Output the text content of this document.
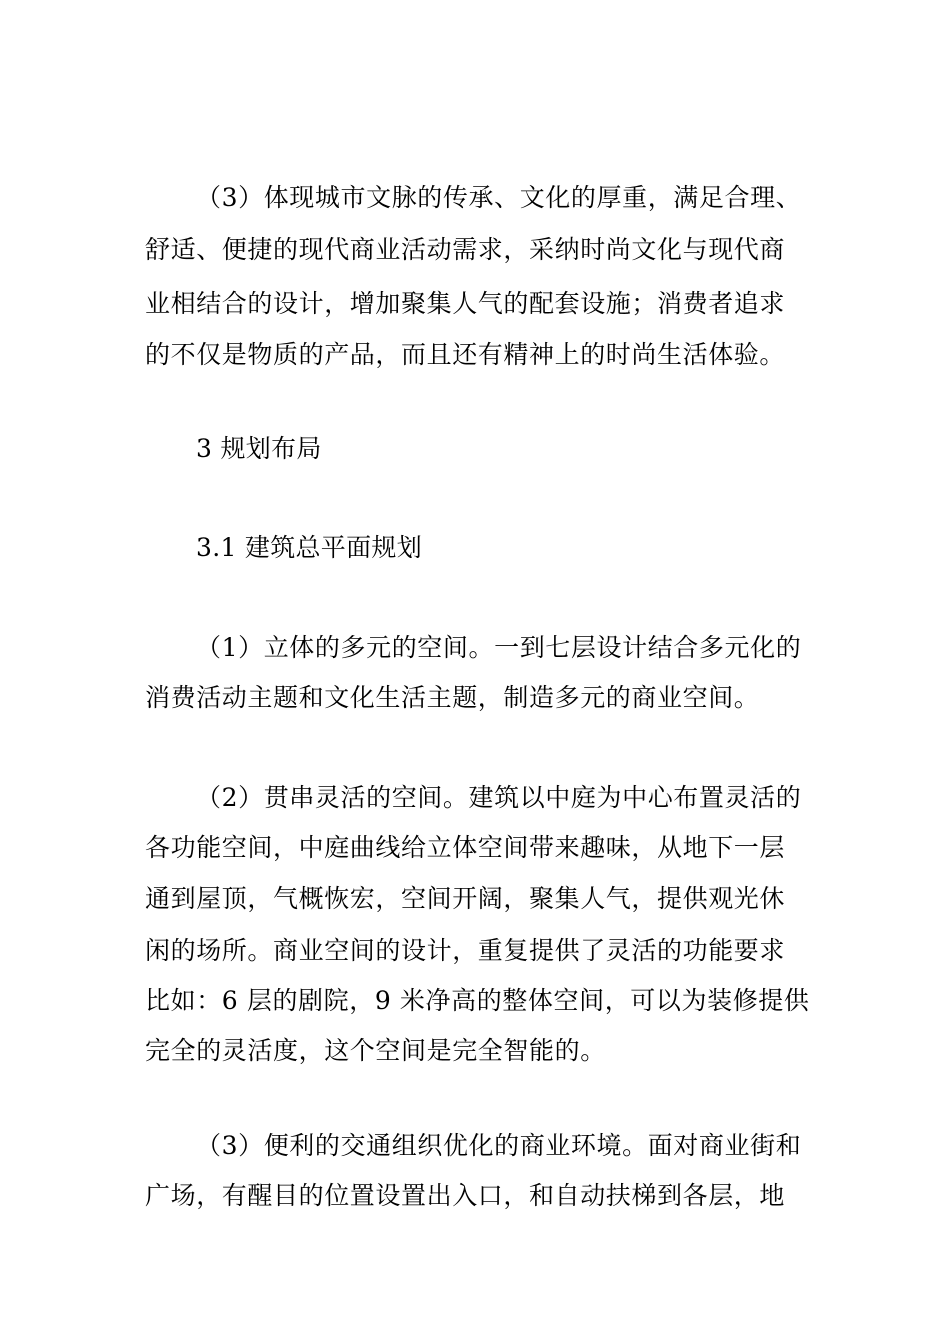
（3）体现城市文脉的传承、文化的厚重，满足合理、
舒适、便捷的现代商业活动需求，采纳时尚文化与现代商
业相结合的设计，增加聚集人气的配套设施；消费者追求
的不仅是物质的产品，而且还有精神上的时尚生活体验。
3 规划布局
3.1 建筑总平面规划
（1）立体的多元的空间。一到七层设计结合多元化的
消费活动主题和文化生活主题，制造多元的商业空间。
（2）贯串灵活的空间。建筑以中庭为中心布置灵活的
各功能空间，中庭曲线给立体空间带来趣味，从地下一层
通到屋顶，气概恢宏，空间开阔，聚集人气，提供观光休
闲的场所。商业空间的设计，重复提供了灵活的功能要求
比如：6 层的剧院，9 米净高的整体空间，可以为装修提供
完全的灵活度，这个空间是完全智能的。
（3）便利的交通组织优化的商业环境。面对商业街和
广场，有醒目的位置设置出入口，和自动扶梯到各层，地
